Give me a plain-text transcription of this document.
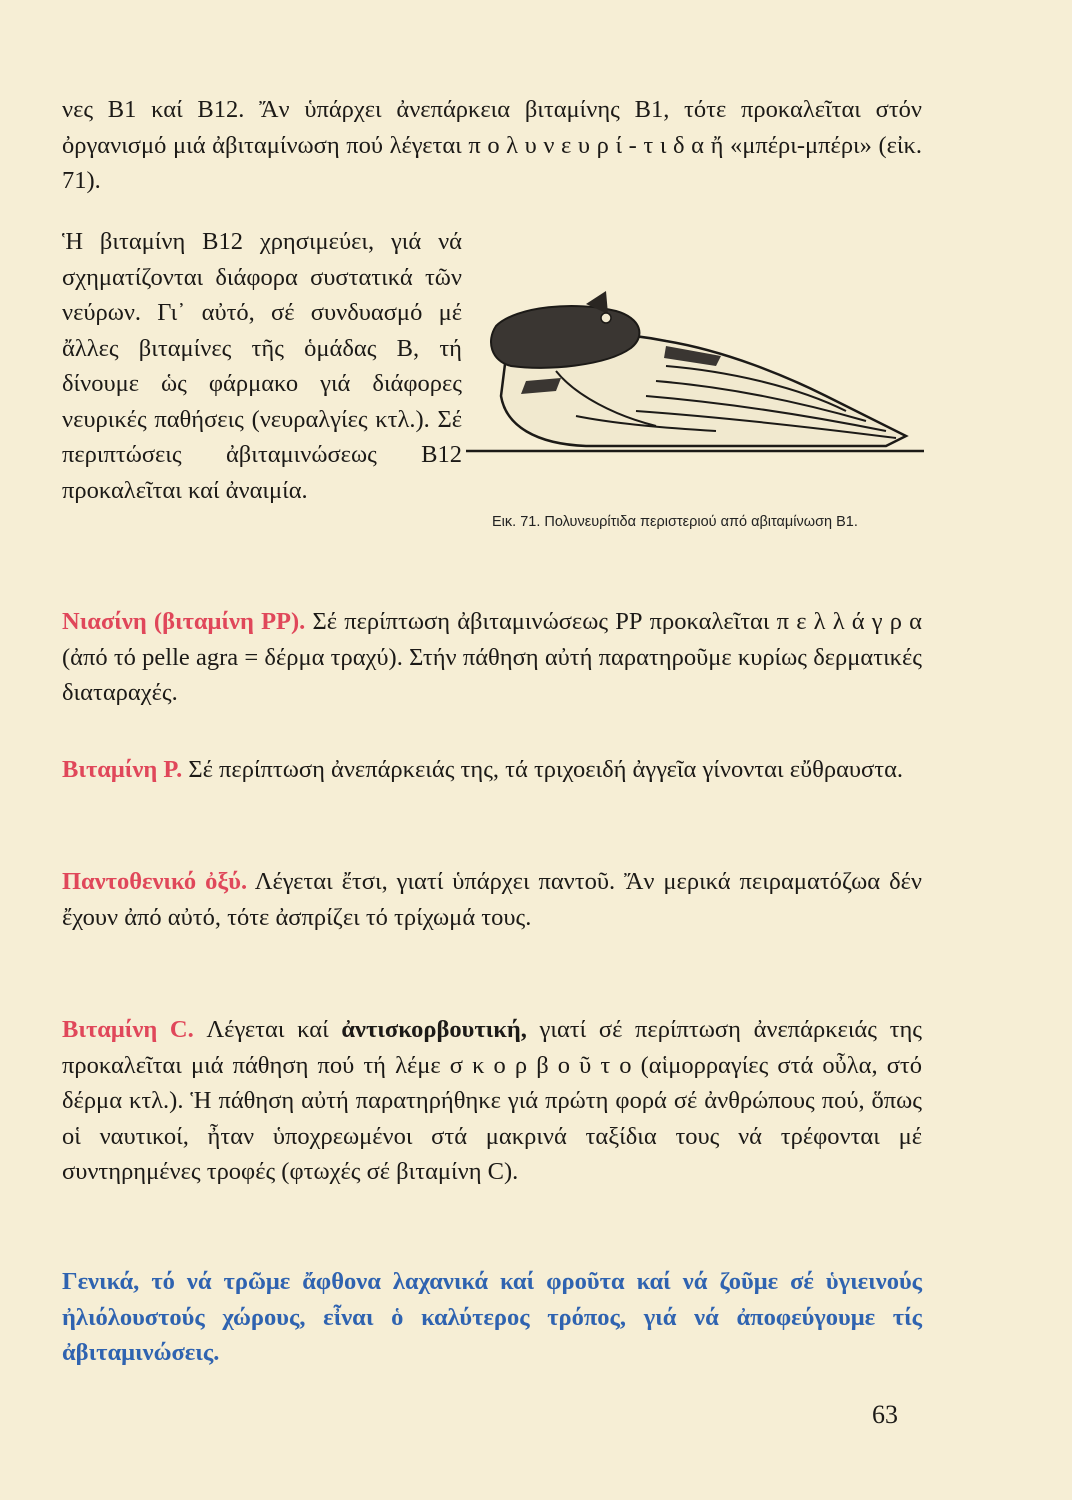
νες Β1 καί Β12. Ἄν ὑπάρχει ἀνεπάρκεια βιταμίνης Β1, τότε προκαλεῖται στόν ὀργανισμό μιά ἀβιταμίνωση πού λέγεται π ο λ υ ν ε υ ρ ί - τ ι δ α ἤ «μπέρι-μπέρι» (εἰκ. 71).

Ἡ βιταμίνη Β12 χρησιμεύει, γιά νά σχηματίζονται διάφορα συστατικά τῶν νεύρων. Γι᾽ αὐτό, σέ συνδυασμό μέ ἄλλες βιταμίνες τῆς ὁμάδας Β, τή δίνουμε ὡς φάρμακο γιά διάφορες νευρικές παθήσεις (νευραλγίες κτλ.). Σέ περιπτώσεις ἀβιταμινώσεως Β12 προκαλεῖται καί ἀναιμία.

Εικ. 71. Πολυνευρίτιδα περιστεριού από αβιταμίνωση Β1.

Νιασίνη (βιταμίνη ΡΡ). Σέ περίπτωση ἀβιταμινώσεως ΡΡ προκαλεῖται π ε λ λ ά γ ρ α (ἀπό τό pelle agra = δέρμα τραχύ). Στήν πάθηση αὐτή παρατηροῦμε κυρίως δερματικές διαταραχές.

Βιταμίνη Ρ. Σέ περίπτωση ἀνεπάρκειάς της, τά τριχοειδή ἀγγεῖα γίνονται εὔθραυστα.

Παντοθενικό ὀξύ. Λέγεται ἔτσι, γιατί ὑπάρχει παντοῦ. Ἄν μερικά πειραματόζωα δέν ἔχουν ἀπό αὐτό, τότε ἀσπρίζει τό τρίχωμά τους.

Βιταμίνη C. Λέγεται καί ἀντισκορβουτική, γιατί σέ περίπτωση ἀνεπάρκειάς της προκαλεῖται μιά πάθηση πού τή λέμε σ κ ο ρ β ο ῦ τ ο (αἱμορραγίες στά οὖλα, στό δέρμα κτλ.). Ἡ πάθηση αὐτή παρατηρήθηκε γιά πρώτη φορά σέ ἀνθρώπους πού, ὅπως οἱ ναυτικοί, ἦταν ὑποχρεωμένοι στά μακρινά ταξίδια τους νά τρέφονται μέ συντηρημένες τροφές (φτωχές σέ βιταμίνη C).

Γενικά, τό νά τρῶμε ἄφθονα λαχανικά καί φροῦτα καί νά ζοῦμε σέ ὑγιεινούς ἠλιόλουστούς χώρους, εἶναι ὁ καλύτερος τρόπος, γιά νά ἀποφεύγουμε τίς ἀβιταμινώσεις.

63
